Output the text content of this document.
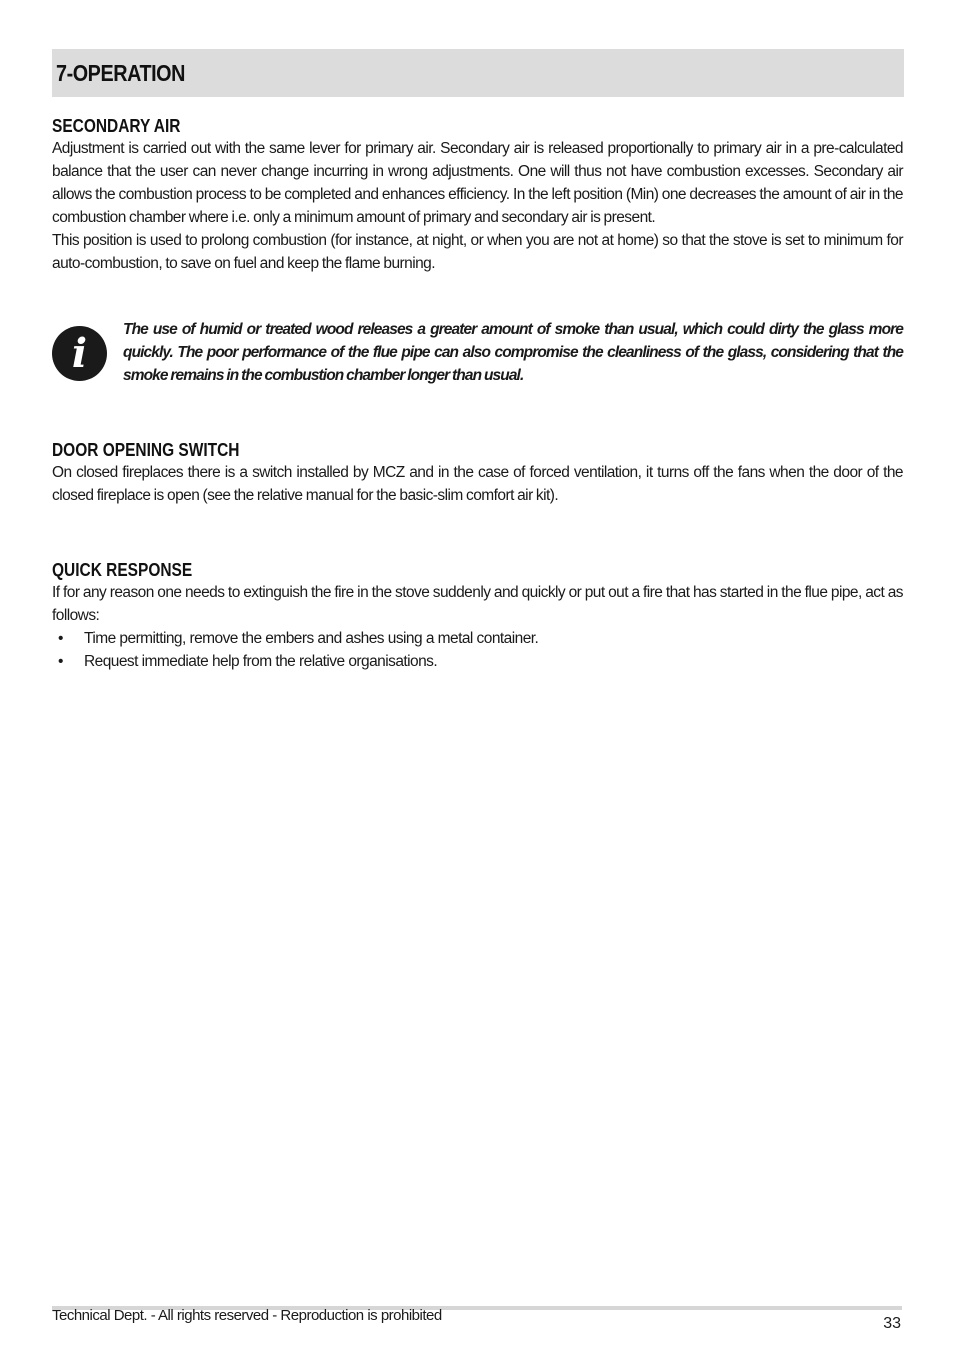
7-OPERATION
SECONDARY AIR
Adjustment is carried out with the same lever for primary air. Secondary air is released proportionally to primary air in a pre-calculated balance that the user can never change incurring in wrong adjustments. One will thus not have combustion excesses. Secondary air allows the combustion process to be completed and enhances efficiency. In the left position (Min) one decreases the amount of air in the combustion chamber where i.e. only a minimum amount of primary and secondary air is present.
This position is used to prolong combustion (for instance, at night, or when you are not at home) so that the stove is set to minimum for auto-combustion, to save on fuel and keep the flame burning.
i	The use of humid or treated wood releases a greater amount of smoke than usual, which could dirty the glass more quickly. The poor performance of the flue pipe can also compromise the cleanliness of the glass, considering that the smoke remains in the combustion chamber longer than usual.
DOOR OPENING SWITCH
On closed fireplaces there is a switch installed by MCZ and in the case of forced ventilation, it turns off the fans when the door of the closed fireplace is open (see the relative manual for the basic-slim comfort air kit).
QUICK RESPONSE
If for any reason one needs to extinguish the fire in the stove suddenly and quickly or put out a fire that has started in the flue pipe, act as follows:
• Time permitting, remove the embers and ashes using a metal container.
• Request immediate help from the relative organisations.
Technical Dept. - All rights reserved - Reproduction is prohibited	33
